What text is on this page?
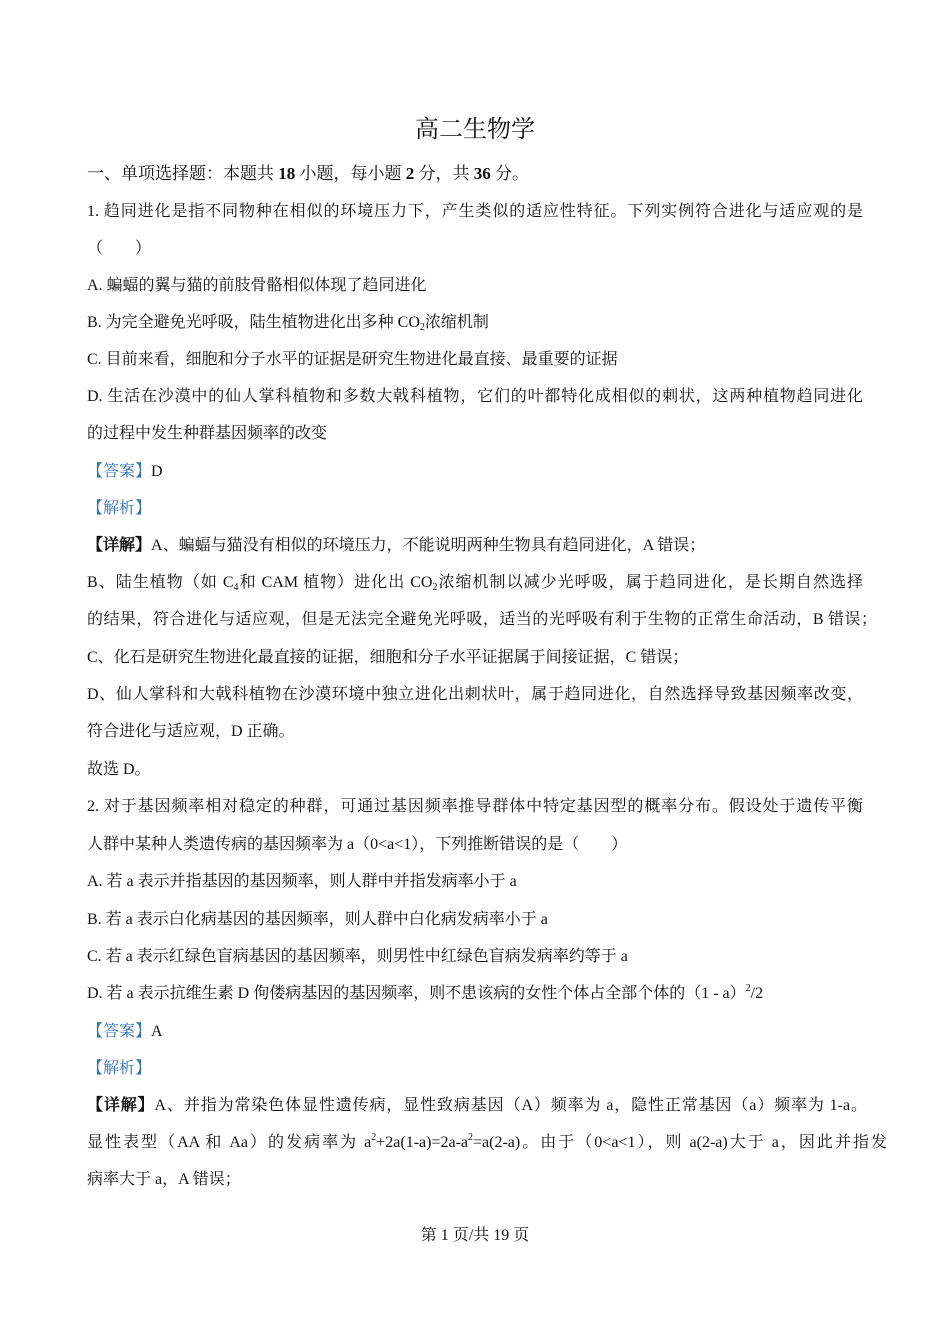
高二生物学
一、单项选择题：本题共 18 小题，每小题 2 分，共 36 分。
1. 趋同进化是指不同物种在相似的环境压力下，产生类似的适应性特征。下列实例符合进化与适应观的是
（　　）
A. 蝙蝠的翼与猫的前肢骨骼相似体现了趋同进化
B. 为完全避免光呼吸，陆生植物进化出多种 $CO_2$浓缩机制
C. 目前来看，细胞和分子水平的证据是研究生物进化最直接、最重要的证据
D. 生活在沙漠中的仙人掌科植物和多数大戟科植物，它们的叶都特化成相似的刺状，这两种植物趋同进化
的过程中发生种群基因频率的改变
【答案】D
【解析】
【详解】A、蝙蝠与猫没有相似的环境压力，不能说明两种生物具有趋同进化，A 错误；
B、陆生植物（如 $C_4$和 CAM 植物）进化出 $CO_2$浓缩机制以减少光呼吸，属于趋同进化，是长期自然选择
的结果，符合进化与适应观，但是无法完全避免光呼吸，适当的光呼吸有利于生物的正常生命活动，B 错误；
C、化石是研究生物进化最直接的证据，细胞和分子水平证据属于间接证据，C 错误；
D、仙人掌科和大戟科植物在沙漠环境中独立进化出刺状叶，属于趋同进化，自然选择导致基因频率改变，
符合进化与适应观，D 正确。
故选 D。
2. 对于基因频率相对稳定的种群，可通过基因频率推导群体中特定基因型的概率分布。假设处于遗传平衡
人群中某种人类遗传病的基因频率为 a（0<a<1），下列推断错误的是（　　）
A. 若 a 表示并指基因的基因频率，则人群中并指发病率小于 a
B. 若 a 表示白化病基因的基因频率，则人群中白化病发病率小于 a
C. 若 a 表示红绿色盲病基因的基因频率，则男性中红绿色盲病发病率约等于 a
D. 若 a 表示抗维生素 D 佝偻病基因的基因频率，则不患该病的女性个体占全部个体的（1 - a）$^2$/2
【答案】A
【解析】
【详解】A、并指为常染色体显性遗传病，显性致病基因（A）频率为 a，隐性正常基因（a）频率为 1-a。
显性表型（AA 和 Aa）的发病率为 $a^2+2a(1-a)=2a-a^2=a(2-a)$。由于（0<a<1），则 a(2-a)大于 a，因此并指发
病率大于 a，A 错误；
第 1 页/共 19 页
